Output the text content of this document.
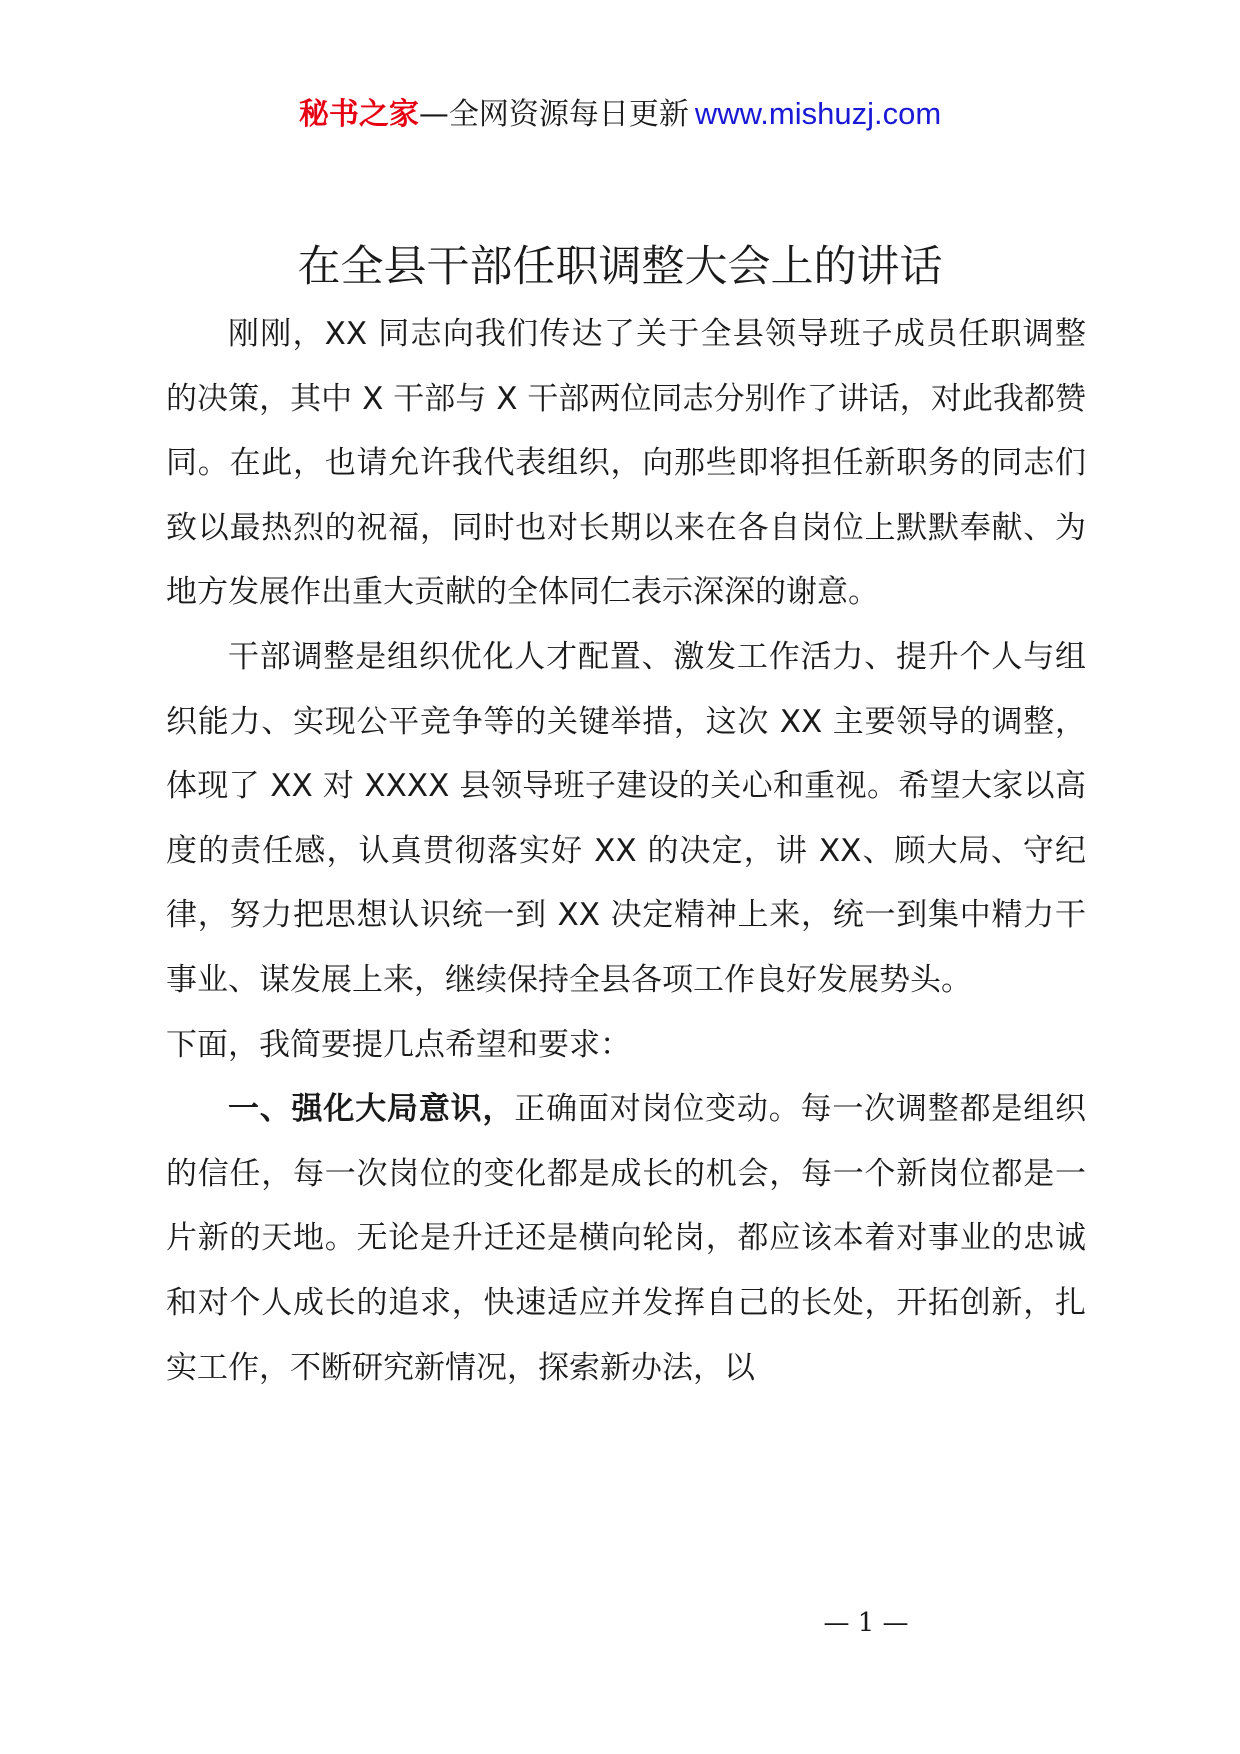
秘书之家—全网资源每日更新 www.mishuzj.com
在全县干部任职调整大会上的讲话

刚刚，XX 同志向我们传达了关于全县领导班子成员任职调整的决策，其中 X 干部与 X 干部两位同志分别作了讲话，对此我都赞同。在此，也请允许我代表组织，向那些即将担任新职务的同志们致以最热烈的祝福，同时也对长期以来在各自岗位上默默奉献、为地方发展作出重大贡献的全体同仁表示深深的谢意。

干部调整是组织优化人才配置、激发工作活力、提升个人与组织能力、实现公平竞争等的关键举措，这次 XX 主要领导的调整，体现了 XX 对 XXXX 县领导班子建设的关心和重视。希望大家以高度的责任感，认真贯彻落实好 XX 的决定，讲 XX、顾大局、守纪律，努力把思想认识统一到 XX 决定精神上来，统一到集中精力干事业、谋发展上来，继续保持全县各项工作良好发展势头。

下面，我简要提几点希望和要求：

一、强化大局意识，正确面对岗位变动。每一次调整都是组织的信任，每一次岗位的变化都是成长的机会，每一个新岗位都是一片新的天地。无论是升迁还是横向轮岗，都应该本着对事业的忠诚和对个人成长的追求，快速适应并发挥自己的长处，开拓创新，扎实工作，不断研究新情况，探索新办法，以

— 1 —
